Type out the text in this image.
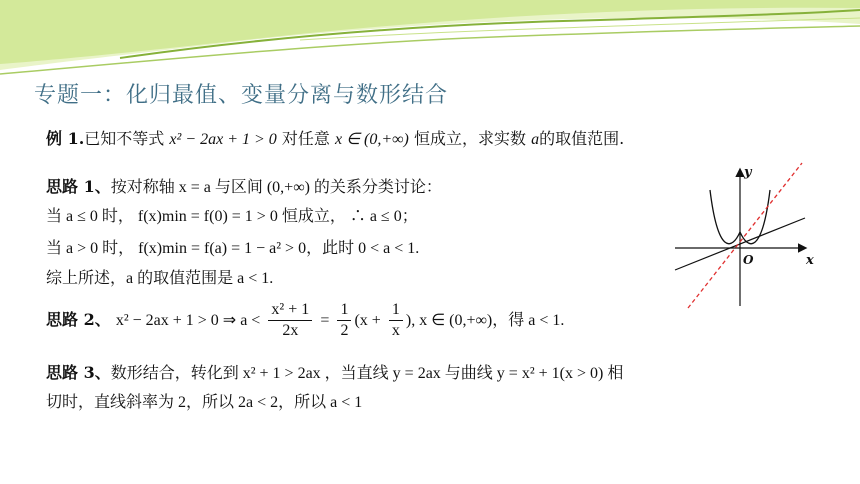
专题一：化归最值、变量分离与数形结合
例 1.已知不等式 x² − 2ax + 1 > 0 对任意 x ∈ (0,+∞) 恒成立，求实数 a的取值范围.
思路 1、按对称轴 x = a 与区间 (0,+∞) 的关系分类讨论：
当 a ≤ 0 时， f(x)min = f(0) = 1 > 0 恒成立， ∴ a ≤ 0；
当 a > 0 时， f(x)min = f(a) = 1 − a² > 0，此时 0 < a < 1.
综上所述，a 的取值范围是 a < 1.
思路 2、 x² − 2ax + 1 > 0 ⇒ $a < \frac{\text{x² + 1}}{2x} = \frac{1}{2} (x + \frac{1}{x}$ ), x ∈ (0,+∞)，得 a < 1.
思路 3、数形结合，转化到 x² + 1 > 2ax ，当直线 y = 2ax 与曲线 y = x² + 1(x > 0) 相
切时，直线斜率为 2，所以 2a < 2，所以 a < 1
y
x
O
